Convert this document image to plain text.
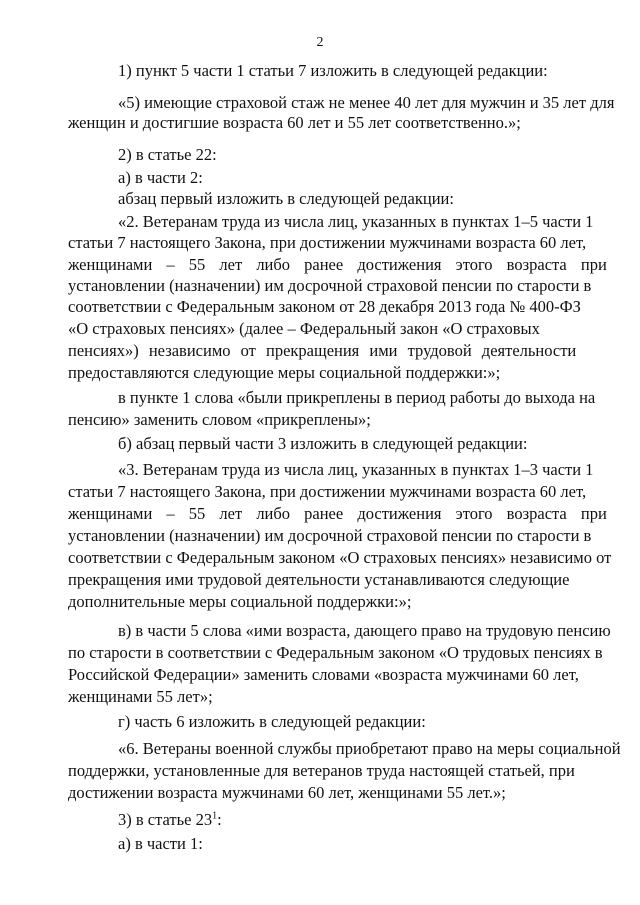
2
1) пункт 5 части 1 статьи 7 изложить в следующей редакции:
«5) имеющие страховой стаж не менее 40 лет для мужчин и 35 лет для
женщин и достигшие возраста 60 лет и 55 лет соответственно.»;
2) в статье 22:
а) в части 2:
абзац первый изложить в следующей редакции:
«2. Ветеранам труда из числа лиц, указанных в пунктах 1–5 части 1
статьи 7 настоящего Закона, при достижении мужчинами возраста 60 лет,
женщинами – 55 лет либо ранее достижения этого возраста при
установлении (назначении) им досрочной страховой пенсии по старости в
соответствии с Федеральным законом от 28 декабря 2013 года № 400-ФЗ
«О страховых пенсиях» (далее – Федеральный закон «О страховых
пенсиях») независимо от прекращения ими трудовой деятельности
предоставляются следующие меры социальной поддержки:»;
в пункте 1 слова «были прикреплены в период работы до выхода на
пенсию» заменить словом «прикреплены»;
б) абзац первый части 3 изложить в следующей редакции:
«3. Ветеранам труда из числа лиц, указанных в пунктах 1–3 части 1
статьи 7 настоящего Закона, при достижении мужчинами возраста 60 лет,
женщинами – 55 лет либо ранее достижения этого возраста при
установлении (назначении) им досрочной страховой пенсии по старости в
соответствии с Федеральным законом «О страховых пенсиях» независимо от
прекращения ими трудовой деятельности устанавливаются следующие
дополнительные меры социальной поддержки:»;
в) в части 5 слова «ими возраста, дающего право на трудовую пенсию
по старости в соответствии с Федеральным законом «О трудовых пенсиях в
Российской Федерации» заменить словами «возраста мужчинами 60 лет,
женщинами 55 лет»;
г) часть 6 изложить в следующей редакции:
«6. Ветераны военной службы приобретают право на меры социальной
поддержки, установленные для ветеранов труда настоящей статьей, при
достижении возраста мужчинами 60 лет, женщинами 55 лет.»;
3) в статье $23^1$:
а) в части 1:
